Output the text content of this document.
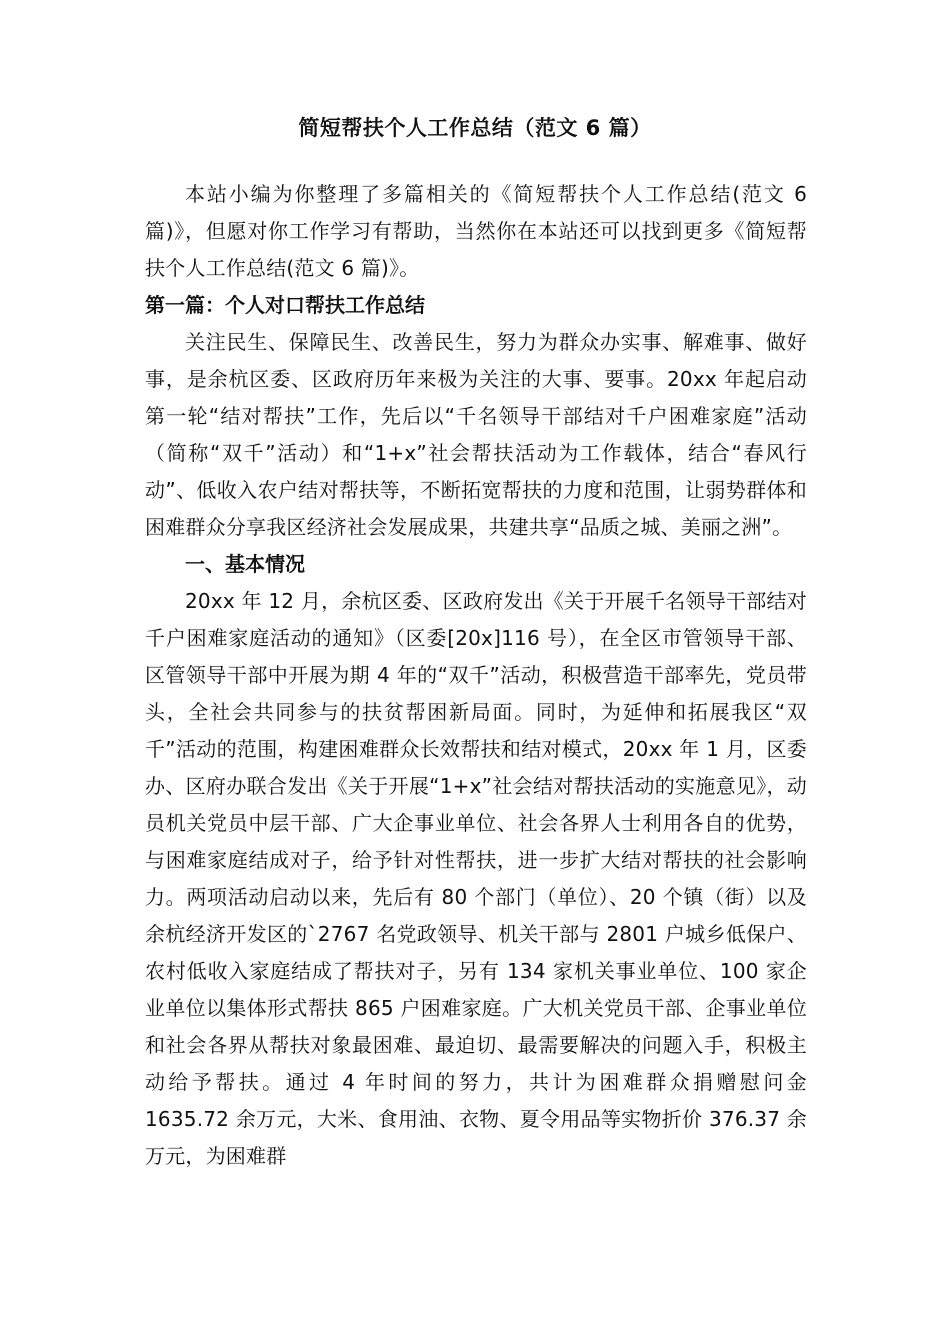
简短帮扶个人工作总结（范文 6 篇）

本站小编为你整理了多篇相关的《简短帮扶个人工作总结(范文 6 篇)》，但愿对你工作学习有帮助，当然你在本站还可以找到更多《简短帮扶个人工作总结(范文 6 篇)》。

第一篇：个人对口帮扶工作总结

关注民生、保障民生、改善民生，努力为群众办实事、解难事、做好事，是余杭区委、区政府历年来极为关注的大事、要事。20xx 年起启动第一轮“结对帮扶”工作，先后以“千名领导干部结对千户困难家庭”活动（简称“双千”活动）和“1+x”社会帮扶活动为工作载体，结合“春风行动”、低收入农户结对帮扶等，不断拓宽帮扶的力度和范围，让弱势群体和困难群众分享我区经济社会发展成果，共建共享“品质之城、美丽之洲”。

一、基本情况

20xx 年 12 月，余杭区委、区政府发出《关于开展千名领导干部结对千户困难家庭活动的通知》（区委[20x]116 号），在全区市管领导干部、区管领导干部中开展为期 4 年的“双千”活动，积极营造干部率先，党员带头，全社会共同参与的扶贫帮困新局面。同时，为延伸和拓展我区“双千”活动的范围，构建困难群众长效帮扶和结对模式，20xx 年 1 月，区委办、区府办联合发出《关于开展“1+x”社会结对帮扶活动的实施意见》，动员机关党员中层干部、广大企事业单位、社会各界人士利用各自的优势，与困难家庭结成对子，给予针对性帮扶，进一步扩大结对帮扶的社会影响力。两项活动启动以来，先后有 80 个部门（单位）、20 个镇（街）以及余杭经济开发区的`2767 名党政领导、机关干部与 2801 户城乡低保户、农村低收入家庭结成了帮扶对子，另有 134 家机关事业单位、100 家企业单位以集体形式帮扶 865 户困难家庭。广大机关党员干部、企事业单位和社会各界从帮扶对象最困难、最迫切、最需要解决的问题入手，积极主动给予帮扶。通过 4 年时间的努力，共计为困难群众捐赠慰问金 1635.72 余万元，大米、食用油、衣物、夏令用品等实物折价 376.37 余万元，为困难群
